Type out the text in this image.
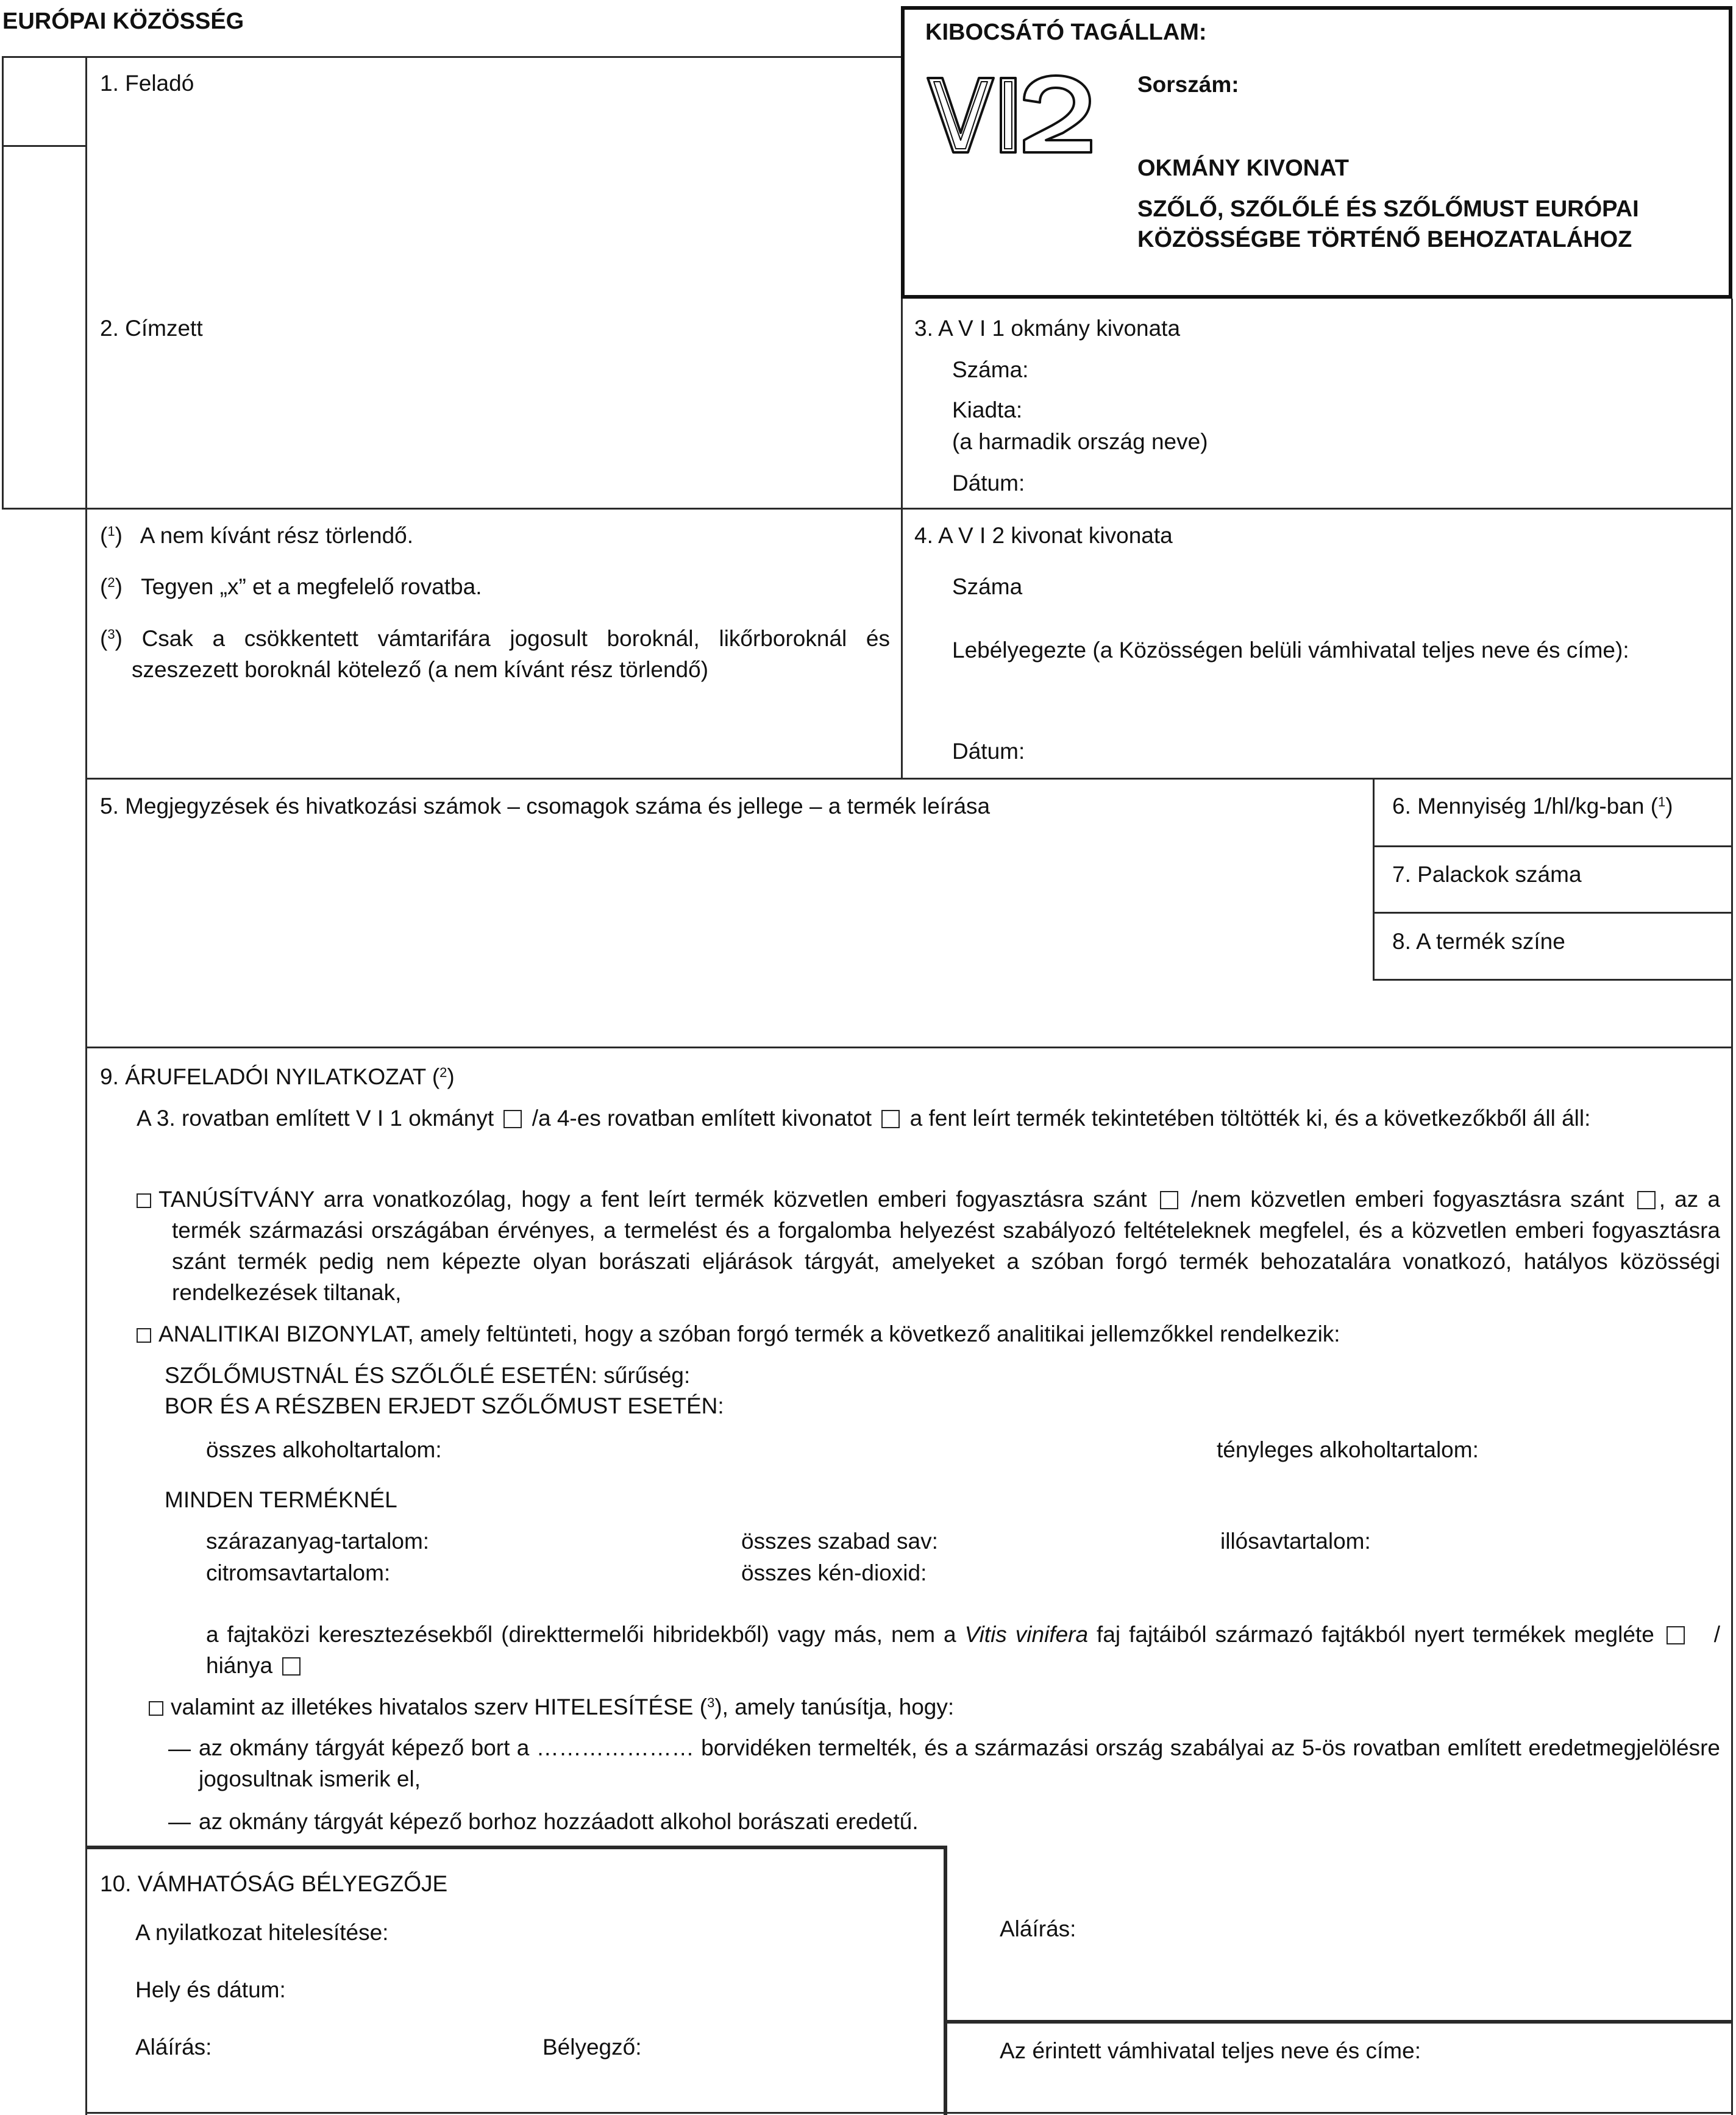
EURÓPAI KÖZÖSSÉG	KIBOCSÁTÓ TAGÁLLAM:
VI2	Sorszám:
OKMÁNY KIVONAT
SZŐLŐ, SZŐLŐLÉ ÉS SZŐLŐMUST EURÓPAI
KÖZÖSSÉGBE TÖRTÉNŐ BEHOZATALÁHOZ
1. Feladó
2. Címzett	3. A V I 1 okmány kivonata
Száma:
Kiadta:
(a harmadik ország neve)
Dátum:
($^1$)   A nem kívánt rész törlendő.
($^2$)   Tegyen „x” et a megfelelő rovatba.
($^3$) Csak a csökkentett vámtarifára jogosult boroknál, likőrboroknál és szeszezett boroknál kötelező (a nem kívánt rész törlendő)
4. A V I 2 kivonat kivonata
Száma
Lebélyegezte (a Közösségen belüli vámhivatal teljes neve és címe):
Dátum:
5. Megjegyzések és hivatkozási számok – csomagok száma és jellege – a termék leírása	6. Mennyiség 1/hl/kg-ban ($^1$)
7. Palackok száma
8. A termék színe
9. ÁRUFELADÓI NYILATKOZAT ($^2$)
A 3. rovatban említett V I 1 okmányt /a 4-es rovatban említett kivonatot a fent leírt termék tekintetében töltötték ki, és a következőkből áll áll:
TANÚSÍTVÁNY arra vonatkozólag, hogy a fent leírt termék közvetlen emberi fogyasztásra szánt /nem közvetlen emberi fogyasztásra szánt , az a termék származási országában érvényes, a termelést és a forgalomba helyezést szabályozó feltételeknek megfelel, és a közvetlen emberi fogyasztásra szánt termék pedig nem képezte olyan borászati eljárások tárgyát, amelyeket a szóban forgó termék behozatalára vonatkozó, hatályos közösségi rendelkezések tiltanak,
ANALITIKAI BIZONYLAT, amely feltünteti, hogy a szóban forgó termék a következő analitikai jellemzőkkel rendelkezik:
SZŐLŐMUSTNÁL ÉS SZŐLŐLÉ ESETÉN: sűrűség:
BOR ÉS A RÉSZBEN ERJEDT SZŐLŐMUST ESETÉN:
összes alkoholtartalom:	tényleges alkoholtartalom:
MINDEN TERMÉKNÉL
szárazanyag-tartalom:	összes szabad sav:	illósavtartalom:
citromsavtartalom:	összes kén-dioxid:
a fajtaközi keresztezésekből (direkttermelői hibridekből) vagy más, nem a Vitis vinifera faj fajtáiból származó fajtákból nyert termékek megléte	/ hiánya
valamint az illetékes hivatalos szerv HITELESÍTÉSE ($^3$), amely tanúsítja, hogy:
— az okmány tárgyát képező bort a ………………… borvidéken termelték, és a származási ország szabályai az 5-ös rovatban említett eredetmegjelölésre jogosultnak ismerik el,
— az okmány tárgyát képező borhoz hozzáadott alkohol borászati eredetű.
10. VÁMHATÓSÁG BÉLYEGZŐJE
A nyilatkozat hitelesítése:
Hely és dátum:
Aláírás:	Bélyegző:
Aláírás:
Az érintett vámhivatal teljes neve és címe:
